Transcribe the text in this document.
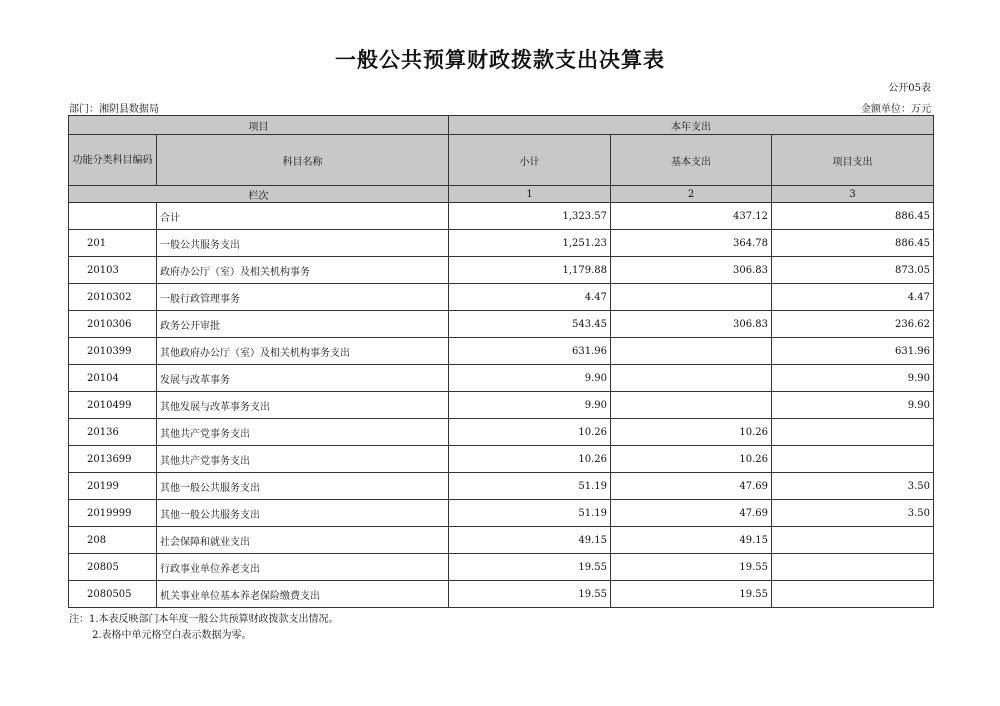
一般公共预算财政拨款支出决算表
公开05表
部门：湘阴县数据局	金额单位：万元
项目		本年支出		
功能分类科目编码	科目名称	小计	基本支出	项目支出
栏次		1	2	3
	合计	1,323.57	437.12	886.45
201	一般公共服务支出	1,251.23	364.78	886.45
20103	政府办公厅（室）及相关机构事务	1,179.88	306.83	873.05
2010302	一般行政管理事务	4.47		4.47
2010306	政务公开审批	543.45	306.83	236.62
2010399	其他政府办公厅（室）及相关机构事务支出	631.96		631.96
20104	发展与改革事务	9.90		9.90
2010499	其他发展与改革事务支出	9.90		9.90
20136	其他共产党事务支出	10.26	10.26	
2013699	其他共产党事务支出	10.26	10.26	
20199	其他一般公共服务支出	51.19	47.69	3.50
2019999	其他一般公共服务支出	51.19	47.69	3.50
208	社会保障和就业支出	49.15	49.15	
20805	行政事业单位养老支出	19.55	19.55	
2080505	机关事业单位基本养老保险缴费支出	19.55	19.55	
注：1.本表反映部门本年度一般公共预算财政拨款支出情况。
2.表格中单元格空白表示数据为零。
